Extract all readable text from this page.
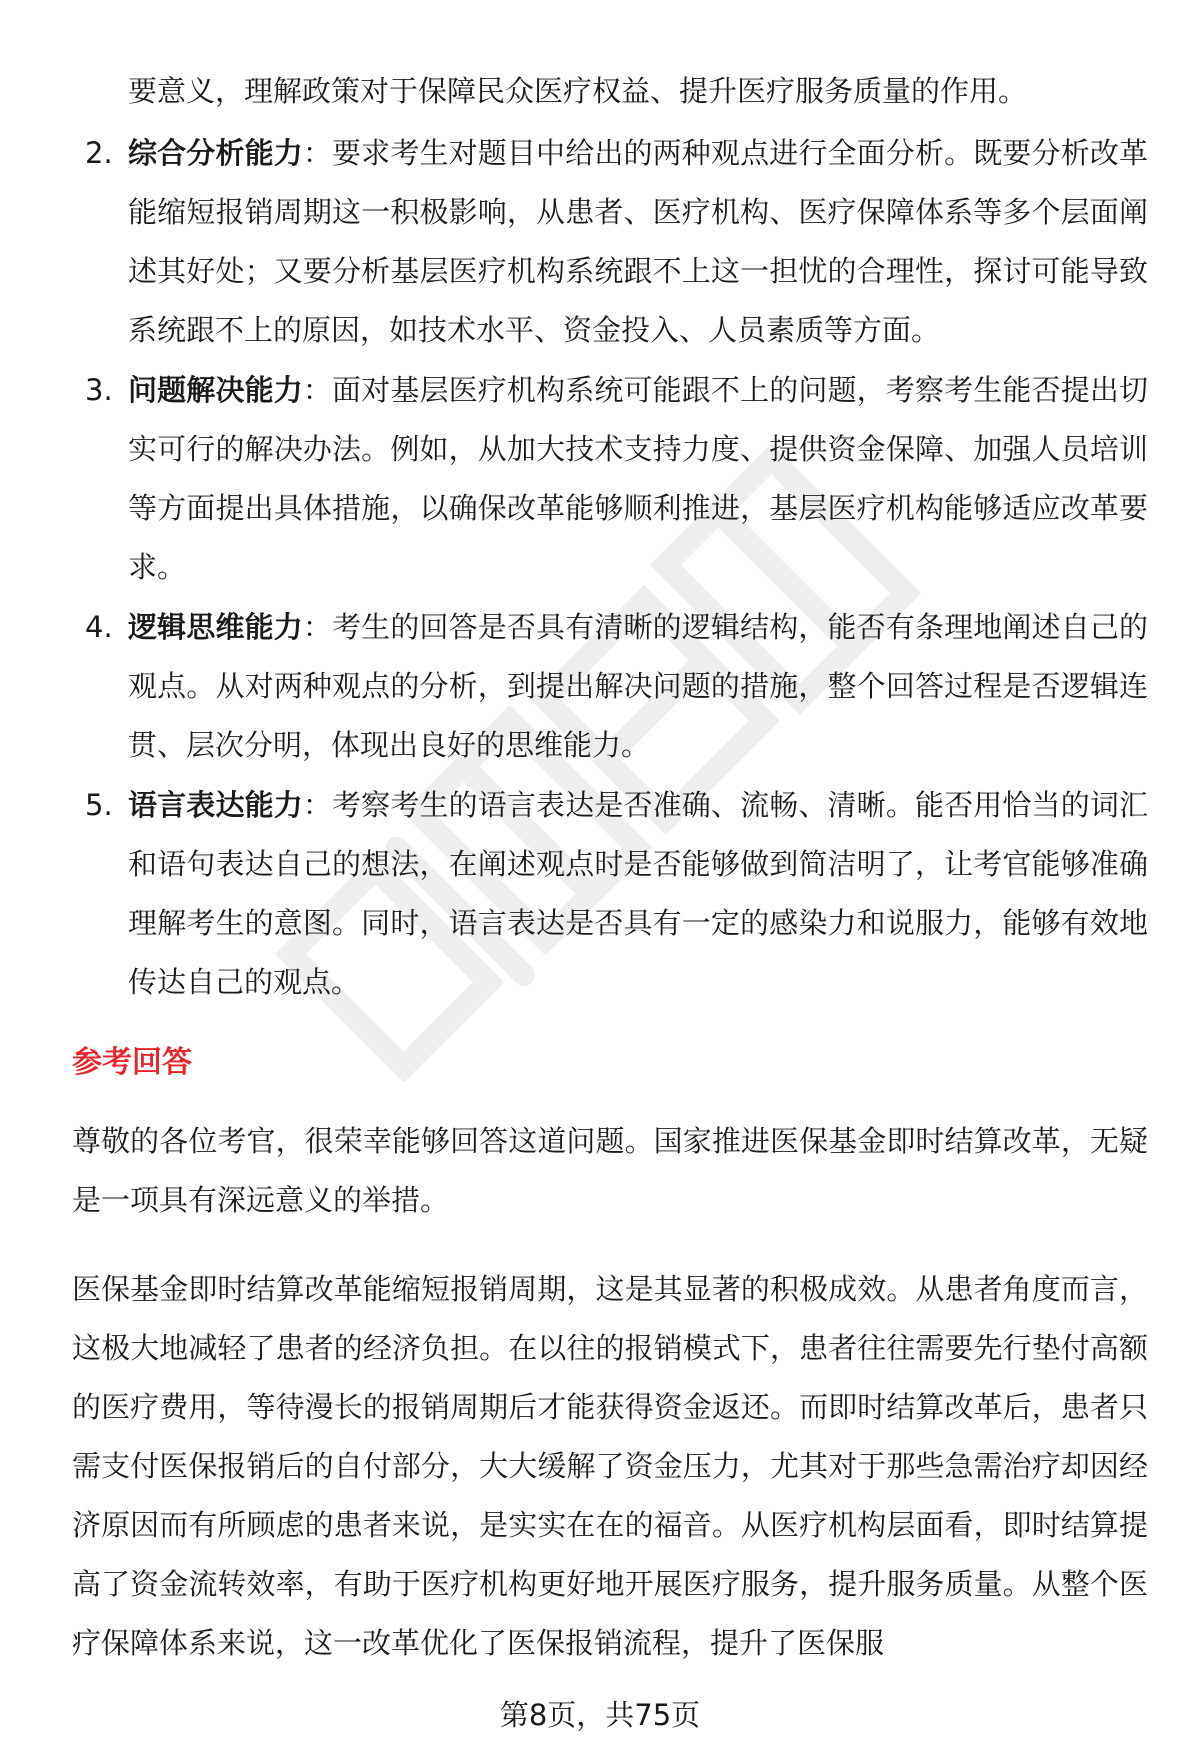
要意义，理解政策对于保障民众医疗权益、提升医疗服务质量的作用。
2. 综合分析能力：要求考生对题目中给出的两种观点进行全面分析。既要分析改革能缩短报销周期这一积极影响，从患者、医疗机构、医疗保障体系等多个层面阐述其好处；又要分析基层医疗机构系统跟不上这一担忧的合理性，探讨可能导致系统跟不上的原因，如技术水平、资金投入、人员素质等方面。
3. 问题解决能力：面对基层医疗机构系统可能跟不上的问题，考察考生能否提出切实可行的解决办法。例如，从加大技术支持力度、提供资金保障、加强人员培训等方面提出具体措施，以确保改革能够顺利推进，基层医疗机构能够适应改革要求。
4. 逻辑思维能力：考生的回答是否具有清晰的逻辑结构，能否有条理地阐述自己的观点。从对两种观点的分析，到提出解决问题的措施，整个回答过程是否逻辑连贯、层次分明，体现出良好的思维能力。
5. 语言表达能力：考察考生的语言表达是否准确、流畅、清晰。能否用恰当的词汇和语句表达自己的想法，在阐述观点时是否能够做到简洁明了，让考官能够准确理解考生的意图。同时，语言表达是否具有一定的感染力和说服力，能够有效地传达自己的观点。
参考回答

尊敬的各位考官，很荣幸能够回答这道问题。国家推进医保基金即时结算改革，无疑是一项具有深远意义的举措。

医保基金即时结算改革能缩短报销周期，这是其显著的积极成效。从患者角度而言，这极大地减轻了患者的经济负担。在以往的报销模式下，患者往往需要先行垫付高额的医疗费用，等待漫长的报销周期后才能获得资金返还。而即时结算改革后，患者只需支付医保报销后的自付部分，大大缓解了资金压力，尤其对于那些急需治疗却因经济原因而有所顾虑的患者来说，是实实在在的福音。从医疗机构层面看，即时结算提高了资金流转效率，有助于医疗机构更好地开展医疗服务，提升服务质量。从整个医疗保障体系来说，这一改革优化了医保报销流程，提升了医保服

第8页，共75页
